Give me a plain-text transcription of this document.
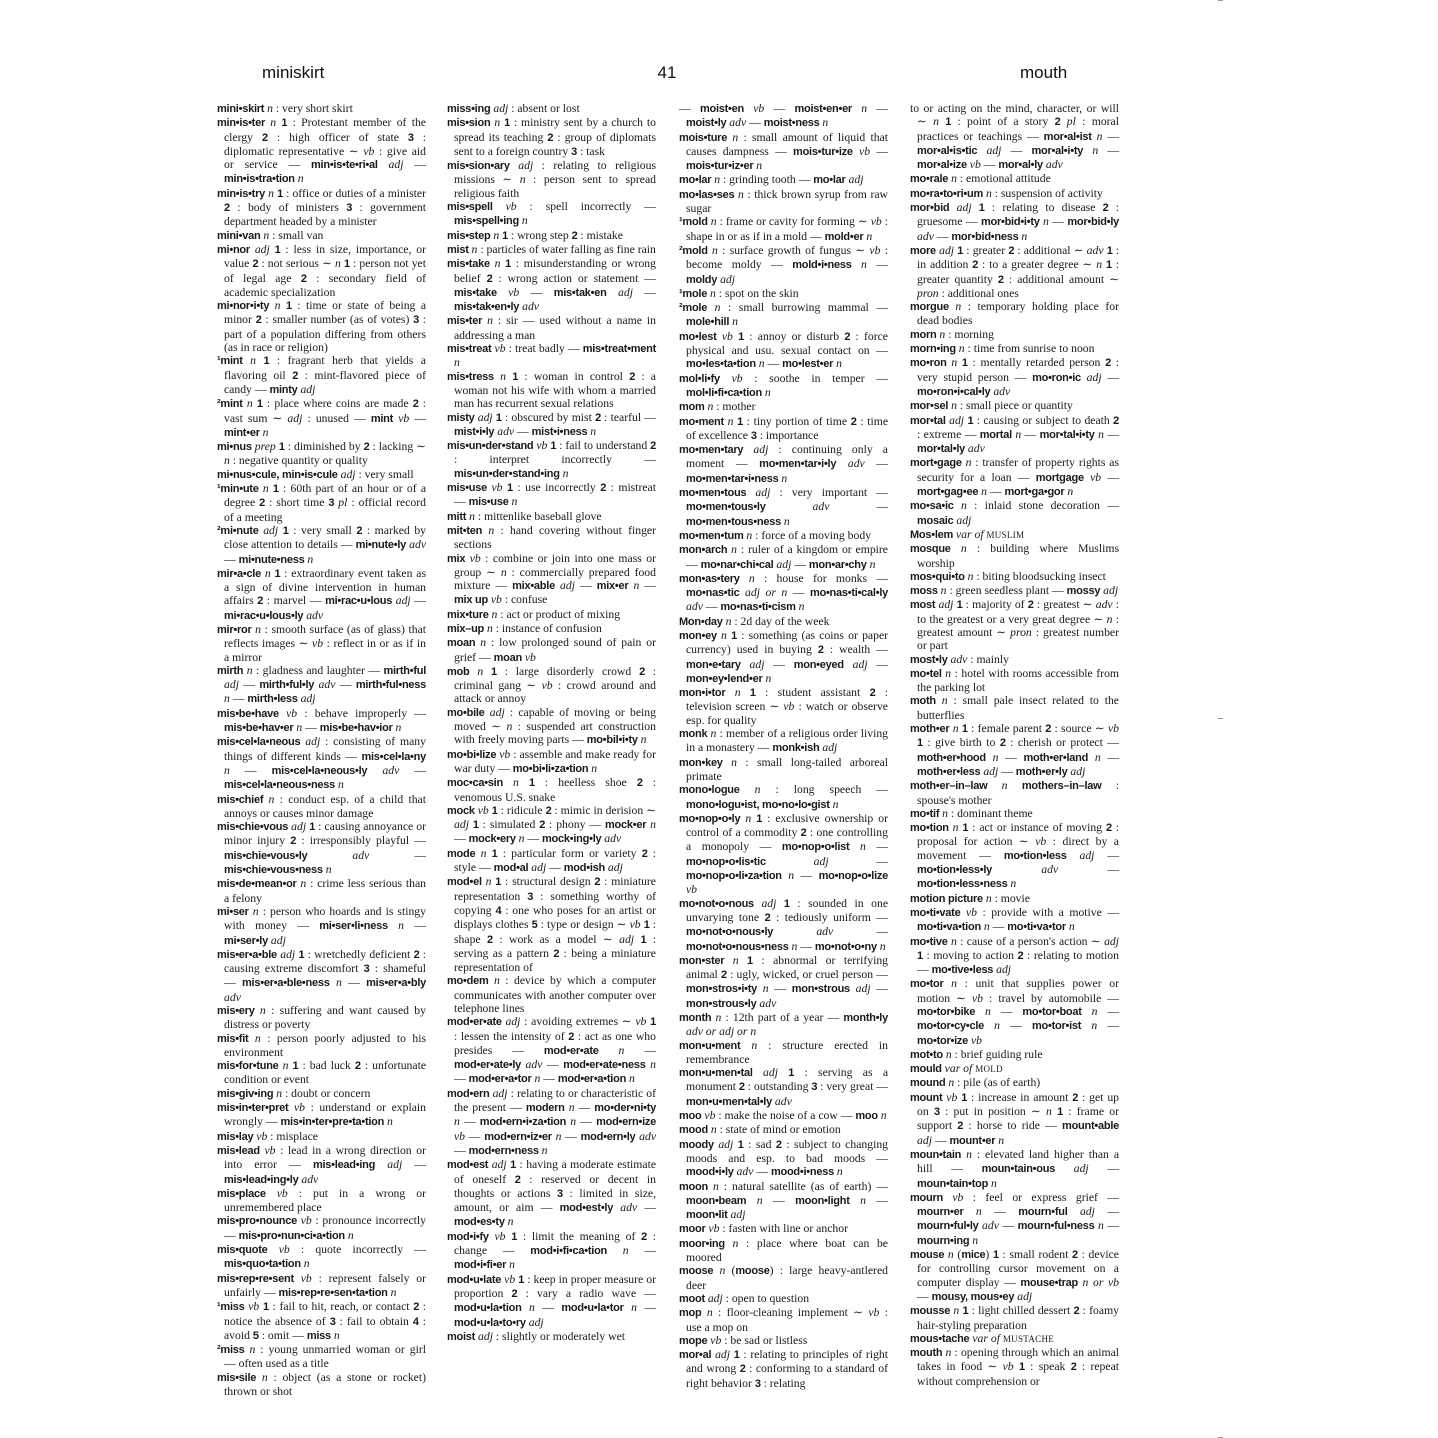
miniskirt	41	mouth

mini•skirt n : very short skirt

min•is•ter n 1 : Protestant member of the clergy 2 : high officer of state 3 : diplomatic representative ∼ vb : give aid or service — min•is•te•ri•al adj — min•is•tra•tion n

min•is•try n 1 : office or duties of a minister 2 : body of ministers 3 : government department headed by a minister

mini•van n : small van

mi•nor adj 1 : less in size, importance, or value 2 : not serious ∼ n 1 : person not yet of legal age 2 : secondary field of academic specialization

mi•nor•i•ty n 1 : time or state of being a minor 2 : smaller number (as of votes) 3 : part of a population differing from others (as in race or religion)

¹mint n 1 : fragrant herb that yields a flavoring oil 2 : mint-flavored piece of candy — minty adj

²mint n 1 : place where coins are made 2 : vast sum ∼ adj : unused — mint vb — mint•er n

mi•nus prep 1 : diminished by 2 : lacking ∼ n : negative quantity or quality

mi•nus•cule, min•is•cule adj : very small

¹min•ute n 1 : 60th part of an hour or of a degree 2 : short time 3 pl : official record of a meeting

²mi•nute adj 1 : very small 2 : marked by close attention to details — mi•nute•ly adv — mi•nute•ness n

mir•a•cle n 1 : extraordinary event taken as a sign of divine intervention in human affairs 2 : marvel — mi•rac•u•lous adj — mi•rac•u•lous•ly adv

mir•ror n : smooth surface (as of glass) that reflects images ∼ vb : reflect in or as if in a mirror

mirth n : gladness and laughter — mirth•ful adj — mirth•ful•ly adv — mirth•ful•ness n — mirth•less adj

mis•be•have vb : behave improperly — mis•be•hav•er n — mis•be•hav•ior n

mis•cel•la•neous adj : consisting of many things of different kinds — mis•cel•la•ny n — mis•cel•la•neous•ly adv — mis•cel•la•neous•ness n

mis•chief n : conduct esp. of a child that annoys or causes minor damage

mis•chie•vous adj 1 : causing annoyance or minor injury 2 : irresponsibly playful — mis•chie•vous•ly	adv — mis•chie•vous•ness n

mis•de•mean•or n : crime less serious than a felony

mi•ser n : person who hoards and is stingy with money — mi•ser•li•ness n — mi•ser•ly adj

mis•er•a•ble adj 1 : wretchedly deficient 2 : causing extreme discomfort 3 : shameful — mis•er•a•ble•ness n — mis•er•a•bly adv

mis•ery n : suffering and want caused by distress or poverty

mis•fit n : person poorly adjusted to his environment

mis•for•tune n 1 : bad luck 2 : unfortunate condition or event

mis•giv•ing n : doubt or concern

mis•in•ter•pret vb : understand or explain wrongly — mis•in•ter•pre•ta•tion n

mis•lay vb : misplace

mis•lead vb : lead in a wrong direction or into error — mis•lead•ing adj — mis•lead•ing•ly adv

mis•place vb : put in a wrong or unremembered place

mis•pro•nounce vb : pronounce incorrectly — mis•pro•nun•ci•a•tion n

mis•quote vb : quote incorrectly — mis•quo•ta•tion n

mis•rep•re•sent vb : represent falsely or unfairly — mis•rep•re•sen•ta•tion n

¹miss vb 1 : fail to hit, reach, or contact 2 : notice the absence of 3 : fail to obtain 4 : avoid 5 : omit — miss n

²miss n : young unmarried woman or girl — often used as a title

mis•sile n : object (as a stone or rocket) thrown or shot

miss•ing adj : absent or lost

mis•sion n 1 : ministry sent by a church to spread its teaching 2 : group of diplomats sent to a foreign country 3 : task

mis•sion•ary adj : relating to religious missions ∼ n : person sent to spread religious faith

mis•spell vb : spell incorrectly — mis•spell•ing n

mis•step n 1 : wrong step 2 : mistake

mist n : particles of water falling as fine rain

mis•take n 1 : misunderstanding or wrong belief 2 : wrong action or statement — mis•take vb — mis•tak•en adj — mis•tak•en•ly adv

mis•ter n : sir — used without a name in addressing a man

mis•treat vb : treat badly — mis•treat•ment n

mis•tress n 1 : woman in control 2 : a woman not his wife with whom a married man has recurrent sexual relations

misty adj 1 : obscured by mist 2 : tearful — mist•i•ly adv — mist•i•ness n

mis•un•der•stand vb 1 : fail to understand 2 : interpret incorrectly — mis•un•der•stand•ing n

mis•use vb 1 : use incorrectly 2 : mistreat — mis•use n

mitt n : mittenlike baseball glove

mit•ten n : hand covering without finger sections

mix vb : combine or join into one mass or group ∼ n : commercially prepared food mixture — mix•able adj — mix•er n — mix up vb : confuse

mix•ture n : act or product of mixing

mix–up n : instance of confusion

moan n : low prolonged sound of pain or grief — moan vb

mob n 1 : large disorderly crowd 2 : criminal gang ∼ vb : crowd around and attack or annoy

mo•bile adj : capable of moving or being moved ∼ n : suspended art construction with freely moving parts — mo•bil•i•ty n

mo•bi•lize vb : assemble and make ready for war duty — mo•bi•li•za•tion n

moc•ca•sin n 1 : heelless shoe 2 : venomous U.S. snake

mock vb 1 : ridicule 2 : mimic in derision ∼ adj 1 : simulated 2 : phony — mock•er n — mock•ery n — mock•ing•ly adv

mode n 1 : particular form or variety 2 : style — mod•al adj — mod•ish adj

mod•el n 1 : structural design 2 : miniature representation 3 : something worthy of copying 4 : one who poses for an artist or displays clothes 5 : type or design ∼ vb 1 : shape 2 : work as a model ∼ adj 1 : serving as a pattern 2 : being a miniature representation of

mo•dem n : device by which a computer communicates with another computer over telephone lines

mod•er•ate adj : avoiding extremes ∼ vb 1 : lessen the intensity of 2 : act as one who presides — mod•er•ate n — mod•er•ate•ly adv — mod•er•ate•ness n — mod•er•a•tor n — mod•er•a•tion n

mod•ern adj : relating to or characteristic of the present — modern n — mo•der•ni•ty n — mod•ern•i•za•tion n — mod•ern•ize vb — mod•ern•iz•er n — mod•ern•ly adv — mod•ern•ness n

mod•est adj 1 : having a moderate estimate of oneself 2 : reserved or decent in thoughts or actions 3 : limited in size, amount, or aim — mod•est•ly adv — mod•es•ty n

mod•i•fy vb 1 : limit the meaning of 2 : change — mod•i•fi•ca•tion n — mod•i•fi•er n

mod•u•late vb 1 : keep in proper measure or proportion 2 : vary a radio wave — mod•u•la•tion n — mod•u•la•tor n — mod•u•la•to•ry adj

moist adj : slightly or moderately wet

— moist•en vb — moist•en•er n — moist•ly adv — moist•ness n

mois•ture n : small amount of liquid that causes dampness — mois•tur•ize vb — mois•tur•iz•er n

mo•lar n : grinding tooth — mo•lar adj

mo•las•ses n : thick brown syrup from raw sugar

¹mold n : frame or cavity for forming ∼ vb : shape in or as if in a mold — mold•er n

²mold n : surface growth of fungus ∼ vb : become moldy — mold•i•ness n — moldy adj

¹mole n : spot on the skin

²mole n : small burrowing mammal — mole•hill n

mo•lest vb 1 : annoy or disturb 2 : force physical and usu. sexual contact on — mo•les•ta•tion n — mo•lest•er n

mol•li•fy vb : soothe in temper — mol•li•fi•ca•tion n

mom n : mother

mo•ment n 1 : tiny portion of time 2 : time of excellence 3 : importance

mo•men•tary adj : continuing only a moment — mo•men•tar•i•ly adv — mo•men•tar•i•ness n

mo•men•tous adj : very important — mo•men•tous•ly	adv — mo•men•tous•ness n

mo•men•tum n : force of a moving body

mon•arch n : ruler of a kingdom or empire — mo•nar•chi•cal adj — mon•ar•chy n

mon•as•tery n : house for monks — mo•nas•tic adj or n — mo•nas•ti•cal•ly adv — mo•nas•ti•cism n

Mon•day n : 2d day of the week

mon•ey n 1 : something (as coins or paper currency) used in buying 2 : wealth — mon•e•tary adj — mon•eyed adj — mon•ey•lend•er n

mon•i•tor n 1 : student assistant 2 : television screen ∼ vb : watch or observe esp. for quality

monk n : member of a religious order living in a monastery — monk•ish adj

mon•key n : small long-tailed arboreal primate

mono•logue n : long speech — mono•logu•ist, mo•no•lo•gist n

mo•nop•o•ly n 1 : exclusive ownership or control of a commodity 2 : one controlling a monopoly — mo•nop•o•list n — mo•nop•o•lis•tic	adj — mo•nop•o•li•za•tion n — mo•nop•o•lize vb

mo•not•o•nous adj 1 : sounded in one unvarying tone 2 : tediously uniform — mo•not•o•nous•ly	adv — mo•not•o•nous•ness n — mo•not•o•ny n

mon•ster n 1 : abnormal or terrifying animal 2 : ugly, wicked, or cruel person — mon•stros•i•ty n — mon•strous adj — mon•strous•ly adv

month n : 12th part of a year — month•ly adv or adj or n

mon•u•ment n : structure erected in remembrance

mon•u•men•tal adj 1 : serving as a monument 2 : outstanding 3 : very great — mon•u•men•tal•ly adv

moo vb : make the noise of a cow — moo n

mood n : state of mind or emotion

moody adj 1 : sad 2 : subject to changing moods and esp. to bad moods — mood•i•ly adv — mood•i•ness n

moon n : natural satellite (as of earth) — moon•beam n — moon•light n — moon•lit adj

moor vb : fasten with line or anchor

moor•ing n : place where boat can be moored

moose n (moose) : large heavy-antlered deer

moot adj : open to question

mop n : floor-cleaning implement ∼ vb : use a mop on

mope vb : be sad or listless

mor•al adj 1 : relating to principles of right and wrong 2 : conforming to a standard of right behavior 3 : relating

to or acting on the mind, character, or will ∼ n 1 : point of a story 2 pl : moral practices or teachings — mor•al•ist n — mor•al•is•tic adj — mor•al•i•ty n — mor•al•ize vb — mor•al•ly adv

mo•rale n : emotional attitude

mo•ra•to•ri•um n : suspension of activity

mor•bid adj 1 : relating to disease 2 : gruesome — mor•bid•i•ty n — mor•bid•ly adv — mor•bid•ness n

more adj 1 : greater 2 : additional ∼ adv 1 : in addition 2 : to a greater degree ∼ n 1 : greater quantity 2 : additional amount ∼ pron : additional ones

morgue n : temporary holding place for dead bodies

morn n : morning

morn•ing n : time from sunrise to noon

mo•ron n 1 : mentally retarded person 2 : very stupid person — mo•ron•ic adj — mo•ron•i•cal•ly adv

mor•sel n : small piece or quantity

mor•tal adj 1 : causing or subject to death 2 : extreme — mortal n — mor•tal•i•ty n — mor•tal•ly adv

mort•gage n : transfer of property rights as security for a loan — mortgage vb — mort•gag•ee n — mort•ga•gor n

mo•sa•ic n : inlaid stone decoration — mosaic adj

Mos•lem var of MUSLIM

mosque n : building where Muslims worship

mos•qui•to n : biting bloodsucking insect

moss n : green seedless plant — mossy adj

most adj 1 : majority of 2 : greatest ∼ adv : to the greatest or a very great degree ∼ n : greatest amount ∼ pron : greatest number or part

most•ly adv : mainly

mo•tel n : hotel with rooms accessible from the parking lot

moth n : small pale insect related to the butterflies

moth•er n 1 : female parent 2 : source ∼ vb 1 : give birth to 2 : cherish or protect — moth•er•hood n — moth•er•land n — moth•er•less adj — moth•er•ly adj

moth•er–in–law n mothers–in–law : spouse's mother

mo•tif n : dominant theme

mo•tion n 1 : act or instance of moving 2 : proposal for action ∼ vb : direct by a movement — mo•tion•less adj — mo•tion•less•ly	adv — mo•tion•less•ness n

motion picture n : movie

mo•ti•vate vb : provide with a motive — mo•ti•va•tion n — mo•ti•va•tor n

mo•tive n : cause of a person's action ∼ adj 1 : moving to action 2 : relating to motion — mo•tive•less adj

mo•tor n : unit that supplies power or motion ∼ vb : travel by automobile — mo•tor•bike n — mo•tor•boat n — mo•tor•cy•cle n — mo•tor•ist n — mo•tor•ize vb

mot•to n : brief guiding rule

mould var of MOLD

mound n : pile (as of earth)

mount vb 1 : increase in amount 2 : get up on 3 : put in position ∼ n 1 : frame or support 2 : horse to ride — mount•able adj — mount•er n

moun•tain n : elevated land higher than a hill — moun•tain•ous adj — moun•tain•top n

mourn vb : feel or express grief — mourn•er n — mourn•ful adj — mourn•ful•ly adv — mourn•ful•ness n — mourn•ing n

mouse n (mice) 1 : small rodent 2 : device for controlling cursor movement on a computer display — mouse•trap n or vb — mousy, mous•ey adj

mousse n 1 : light chilled dessert 2 : foamy hair-styling preparation

mous•tache var of MUSTACHE

mouth n : opening through which an animal takes in food ∼ vb 1 : speak 2 : repeat without comprehension or
